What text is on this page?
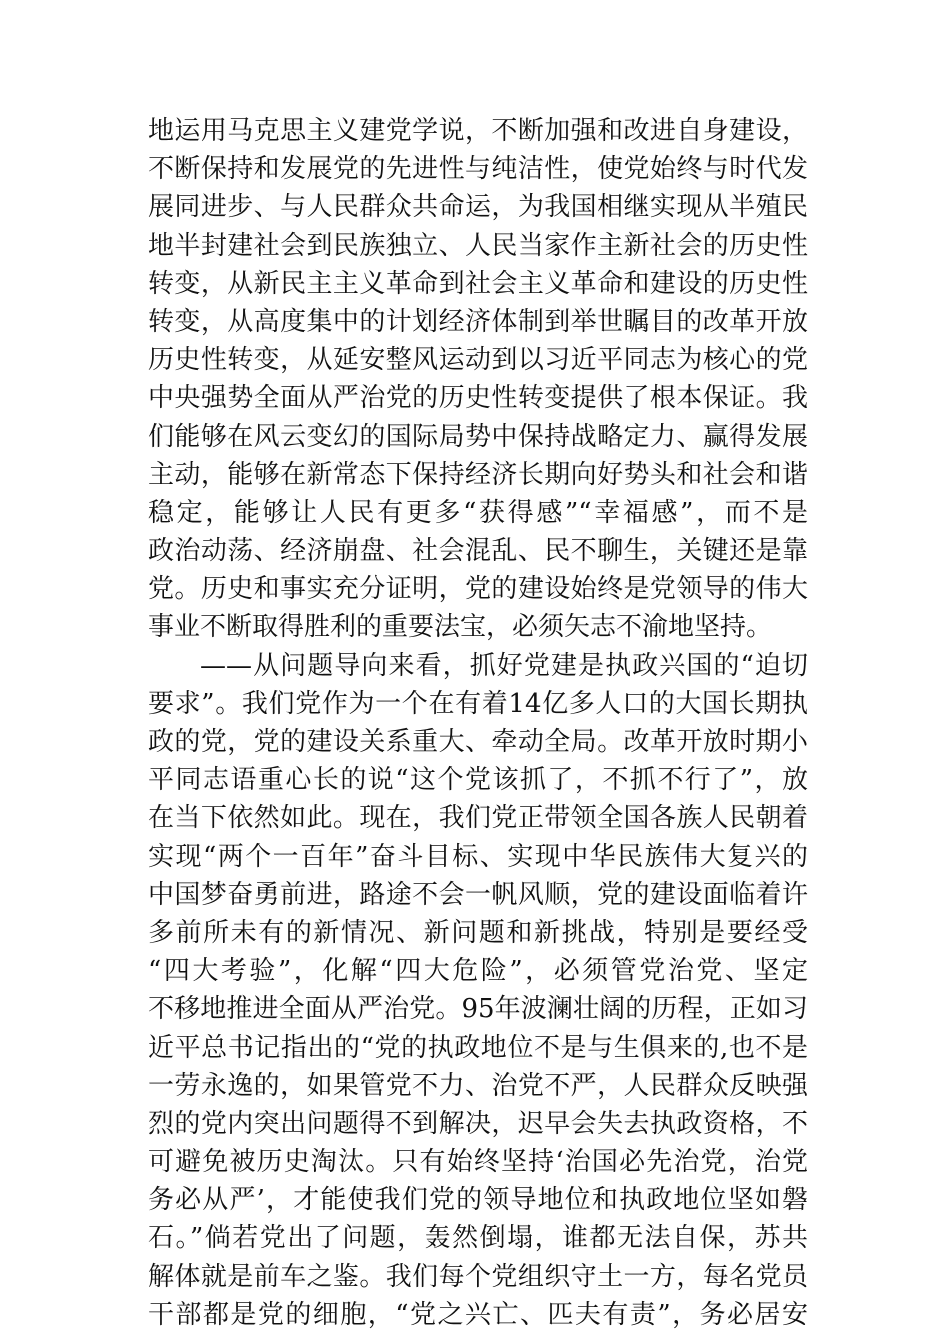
地运用马克思主义建党学说，不断加强和改进自身建设，
不断保持和发展党的先进性与纯洁性，使党始终与时代发
展同进步、与人民群众共命运，为我国相继实现从半殖民
地半封建社会到民族独立、人民当家作主新社会的历史性
转变，从新民主主义革命到社会主义革命和建设的历史性
转变，从高度集中的计划经济体制到举世瞩目的改革开放
历史性转变，从延安整风运动到以习近平同志为核心的党
中央强势全面从严治党的历史性转变提供了根本保证。我
们能够在风云变幻的国际局势中保持战略定力、赢得发展
主动，能够在新常态下保持经济长期向好势头和社会和谐
稳定，能够让人民有更多“获得感”“幸福感”，而不是
政治动荡、经济崩盘、社会混乱、民不聊生，关键还是靠
党。历史和事实充分证明，党的建设始终是党领导的伟大
事业不断取得胜利的重要法宝，必须矢志不渝地坚持。
——从问题导向来看，抓好党建是执政兴国的“迫切
要求”。我们党作为一个在有着14亿多人口的大国长期执
政的党，党的建设关系重大、牵动全局。改革开放时期小
平同志语重心长的说“这个党该抓了，不抓不行了”，放
在当下依然如此。现在，我们党正带领全国各族人民朝着
实现“两个一百年”奋斗目标、实现中华民族伟大复兴的
中国梦奋勇前进，路途不会一帆风顺，党的建设面临着许
多前所未有的新情况、新问题和新挑战，特别是要经受
“四大考验”，化解“四大危险”，必须管党治党、坚定
不移地推进全面从严治党。95年波澜壮阔的历程，正如习
近平总书记指出的“党的执政地位不是与生俱来的,也不是
一劳永逸的，如果管党不力、治党不严，人民群众反映强
烈的党内突出问题得不到解决，迟早会失去执政资格，不
可避免被历史淘汰。只有始终坚持‘治国必先治党，治党
务必从严’，才能使我们党的领导地位和执政地位坚如磐
石。”倘若党出了问题，轰然倒塌，谁都无法自保，苏共
解体就是前车之鉴。我们每个党组织守土一方，每名党员
干部都是党的细胞，“党之兴亡、匹夫有责”，务必居安
